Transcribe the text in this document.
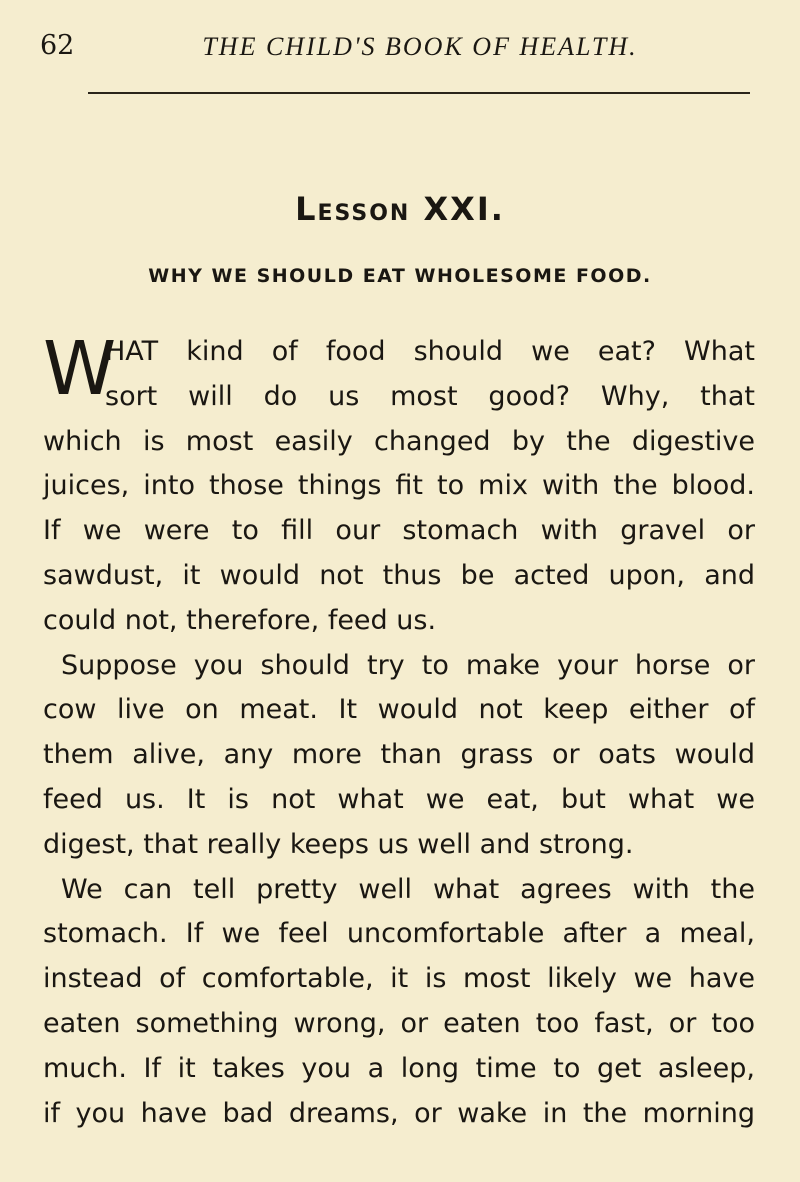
62	THE CHILD'S BOOK OF HEALTH.
Lesson XXI.
WHY WE SHOULD EAT WHOLESOME FOOD.
W
HAT kind of food should we eat? What
sort will do us most good? Why, that
which is most easily changed by the digestive
juices, into those things fit to mix with the blood.
If we were to fill our stomach with gravel or
sawdust, it would not thus be acted upon, and
could not, therefore, feed us.
Suppose you should try to make your horse or
cow live on meat. It would not keep either of
them alive, any more than grass or oats would
feed us. It is not what we eat, but what we
digest, that really keeps us well and strong.
We can tell pretty well what agrees with the
stomach. If we feel uncomfortable after a meal,
instead of comfortable, it is most likely we have
eaten something wrong, or eaten too fast, or too
much. If it takes you a long time to get asleep,
if you have bad dreams, or wake in the morning
